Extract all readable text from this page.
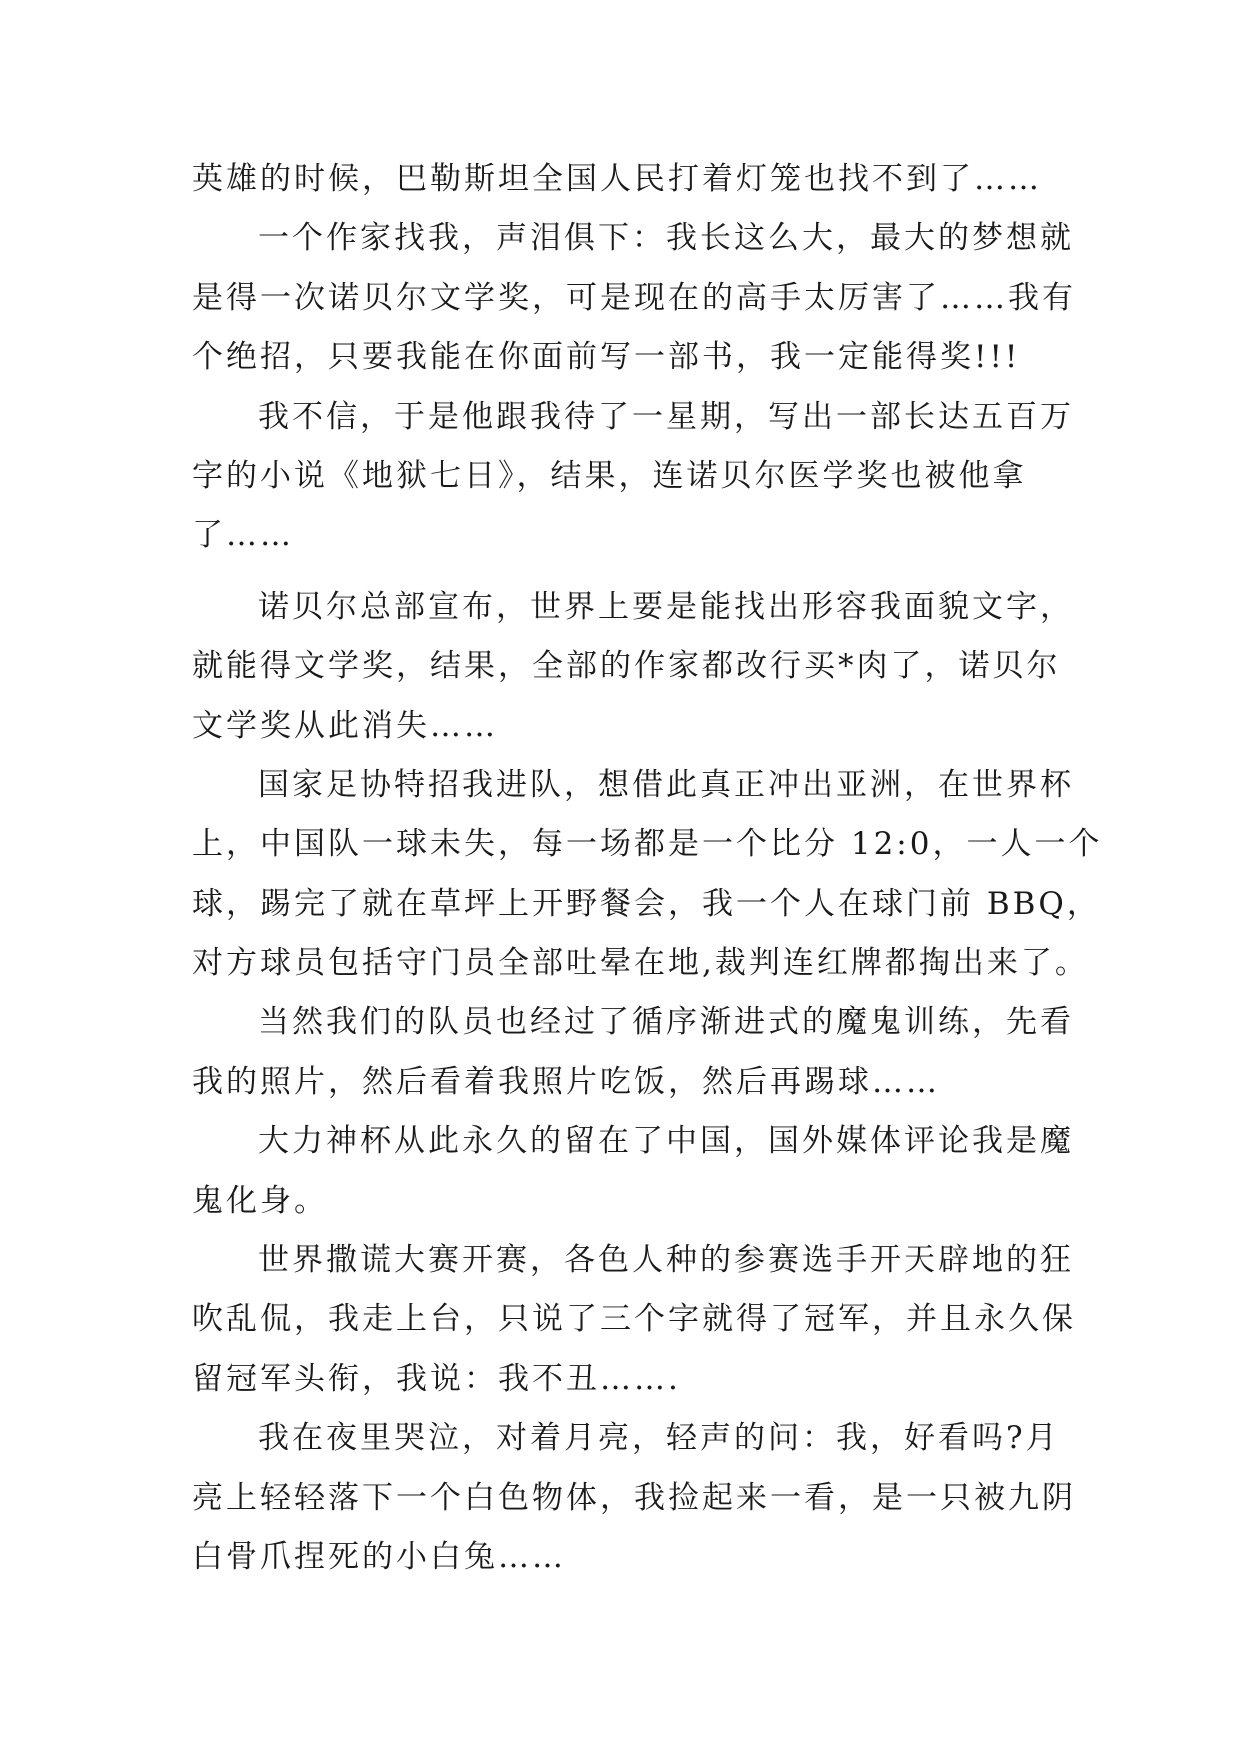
英雄的时候，巴勒斯坦全国人民打着灯笼也找不到了……
一个作家找我，声泪俱下：我长这么大，最大的梦想就
是得一次诺贝尔文学奖，可是现在的高手太厉害了……我有
个绝招，只要我能在你面前写一部书，我一定能得奖!!!
我不信，于是他跟我待了一星期，写出一部长达五百万
字的小说《地狱七日》，结果，连诺贝尔医学奖也被他拿
了……
诺贝尔总部宣布，世界上要是能找出形容我面貌文字，
就能得文学奖，结果，全部的作家都改行买*肉了，诺贝尔
文学奖从此消失……
国家足协特招我进队，想借此真正冲出亚洲，在世界杯
上，中国队一球未失，每一场都是一个比分 12:0，一人一个
球，踢完了就在草坪上开野餐会，我一个人在球门前 BBQ，
对方球员包括守门员全部吐晕在地,裁判连红牌都掏出来了。
当然我们的队员也经过了循序渐进式的魔鬼训练，先看
我的照片，然后看着我照片吃饭，然后再踢球……
大力神杯从此永久的留在了中国，国外媒体评论我是魔
鬼化身。
世界撒谎大赛开赛，各色人种的参赛选手开天辟地的狂
吹乱侃，我走上台，只说了三个字就得了冠军，并且永久保
留冠军头衔，我说：我不丑…….
我在夜里哭泣，对着月亮，轻声的问：我，好看吗?月
亮上轻轻落下一个白色物体，我捡起来一看，是一只被九阴
白骨爪捏死的小白兔……
